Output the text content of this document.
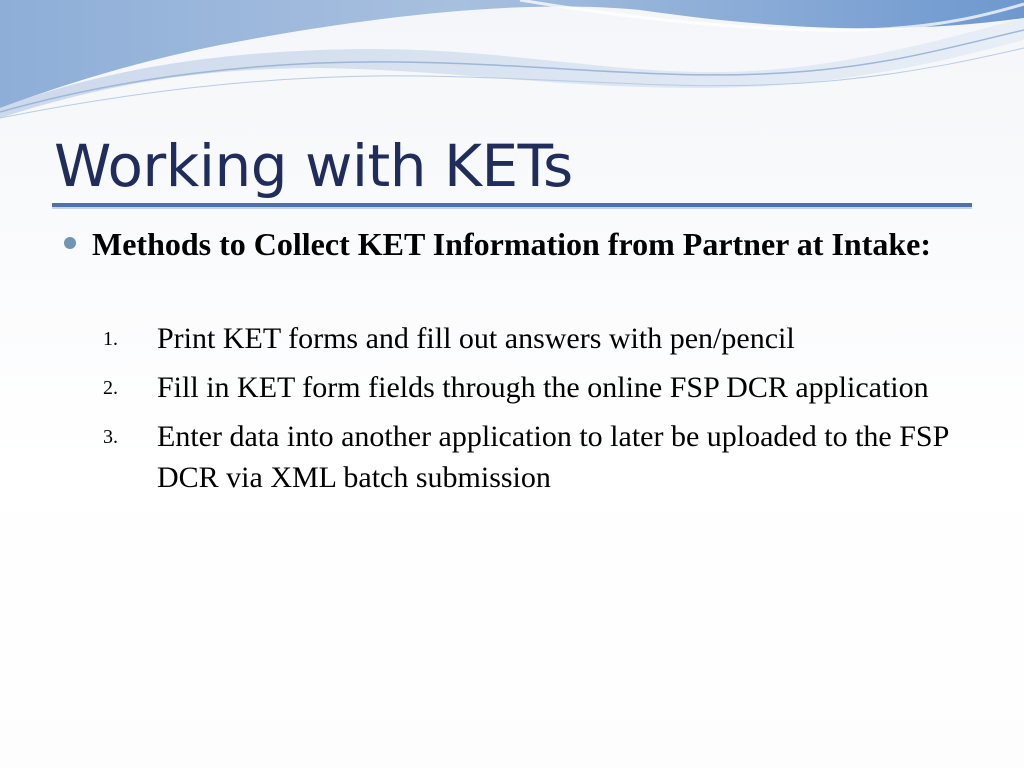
Working with KETs

Methods to Collect KET Information from Partner at Intake:

1. Print KET forms and fill out answers with pen/pencil
2. Fill in KET form fields through the online FSP DCR application
3. Enter data into another application to later be uploaded to the FSP DCR via XML batch submission
